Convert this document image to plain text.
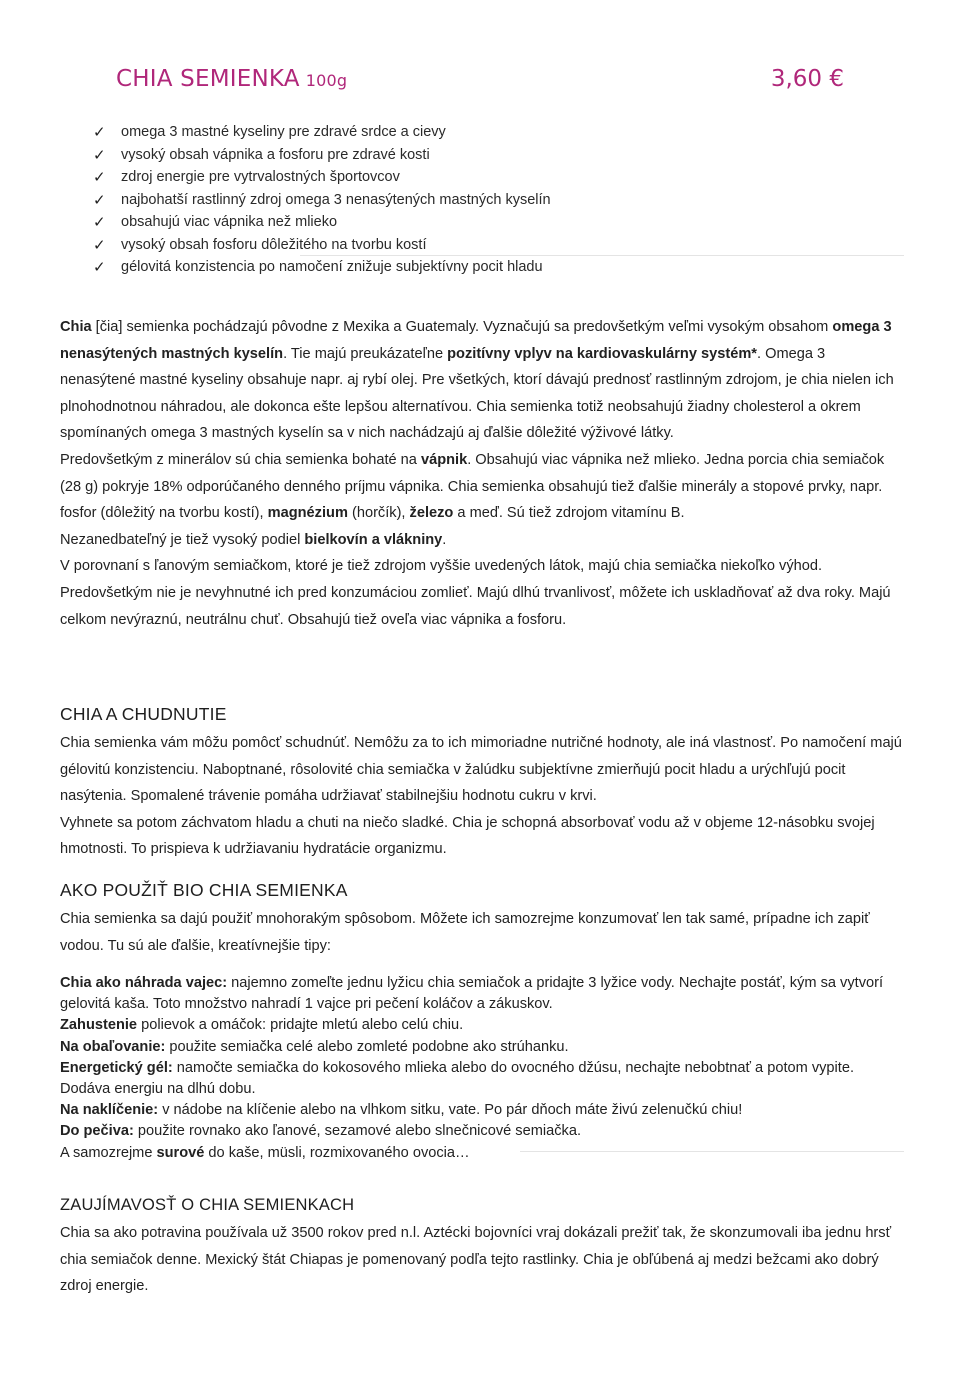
CHIA SEMIENKA 100g	3,60 €
✓ omega 3 mastné kyseliny pre zdravé srdce a cievy
✓ vysoký obsah vápnika a fosforu pre zdravé kosti
✓ zdroj energie pre vytrvalostných športovcov
✓ najbohatší rastlinný zdroj omega 3 nenasýtených mastných kyselín
✓ obsahujú viac vápnika než mlieko
✓ vysoký obsah fosforu dôležitého na tvorbu kostí
✓ gélovitá konzistencia po namočení znižuje subjektívny pocit hladu

Chia [čia] semienka pochádzajú pôvodne z Mexika a Guatemaly. Vyznačujú sa predovšetkým veľmi vysokým obsahom omega 3 nenasýtených mastných kyselín. Tie majú preukázateľne pozitívny vplyv na kardiovaskulárny systém*. Omega 3 nenasýtené mastné kyseliny obsahuje napr. aj rybí olej. Pre všetkých, ktorí dávajú prednosť rastlinným zdrojom, je chia nielen ich plnohodnotnou náhradou, ale dokonca ešte lepšou alternatívou. Chia semienka totiž neobsahujú žiadny cholesterol a okrem spomínaných omega 3 mastných kyselín sa v nich nachádzajú aj ďalšie dôležité výživové látky.

Predovšetkým z minerálov sú chia semienka bohaté na vápnik. Obsahujú viac vápnika než mlieko. Jedna porcia chia semiačok (28 g) pokryje 18% odporúčaného denného príjmu vápnika. Chia semienka obsahujú tiež ďalšie minerály a stopové prvky, napr. fosfor (dôležitý na tvorbu kostí), magnézium (horčík), železo a meď. Sú tiež zdrojom vitamínu B.

Nezanedbateľný je tiež vysoký podiel bielkovín a vlákniny.

V porovnaní s ľanovým semiačkom, ktoré je tiež zdrojom vyššie uvedených látok, majú chia semiačka niekoľko výhod. Predovšetkým nie je nevyhnutné ich pred konzumáciou zomlieť. Majú dlhú trvanlivosť, môžete ich uskladňovať až dva roky. Majú celkom nevýraznú, neutrálnu chuť. Obsahujú tiež oveľa viac vápnika a fosforu.

CHIA A CHUDNUTIE

Chia semienka vám môžu pomôcť schudnúť. Nemôžu za to ich mimoriadne nutričné hodnoty, ale iná vlastnosť. Po namočení majú gélovitú konzistenciu. Naboptnané, rôsolovité chia semiačka v žalúdku subjektívne zmierňujú pocit hladu a urýchľujú pocit nasýtenia. Spomalené trávenie pomáha udržiavať stabilnejšiu hodnotu cukru v krvi.

Vyhnete sa potom záchvatom hladu a chuti na niečo sladké. Chia je schopná absorbovať vodu až v objeme 12-násobku svojej hmotnosti. To prispieva k udržiavaniu hydratácie organizmu.

AKO POUŽIŤ BIO CHIA SEMIENKA

Chia semienka sa dajú použiť mnohorakým spôsobom. Môžete ich samozrejme konzumovať len tak samé, prípadne ich zapiť vodou. Tu sú ale ďalšie, kreatívnejšie tipy:

Chia ako náhrada vajec: najemno zomeľte jednu lyžicu chia semiačok a pridajte 3 lyžice vody. Nechajte postáť, kým sa vytvorí gelovitá kaša. Toto množstvo nahradí 1 vajce pri pečení koláčov a zákuskov.

Zahustenie polievok a omáčok: pridajte mletú alebo celú chiu.

Na obaľovanie: použite semiačka celé alebo zomleté podobne ako strúhanku.

Energetický gél: namočte semiačka do kokosového mlieka alebo do ovocného džúsu, nechajte nebobtnať a potom vypite. Dodáva energiu na dlhú dobu.

Na naklíčenie: v nádobe na klíčenie alebo na vlhkom sitku, vate. Po pár dňoch máte živú zelenučkú chiu!

Do pečiva: použite rovnako ako ľanové, sezamové alebo slnečnicové semiačka.

A samozrejme surové do kaše, müsli, rozmixovaného ovocia…

ZAUJÍMAVOSŤ O CHIA SEMIENKACH

Chia sa ako potravina používala už 3500 rokov pred n.l. Aztécki bojovníci vraj dokázali prežiť tak, že skonzumovali iba jednu hrsť chia semiačok denne. Mexický štát Chiapas je pomenovaný podľa tejto rastlinky. Chia je obľúbená aj medzi bežcami ako dobrý zdroj energie.
